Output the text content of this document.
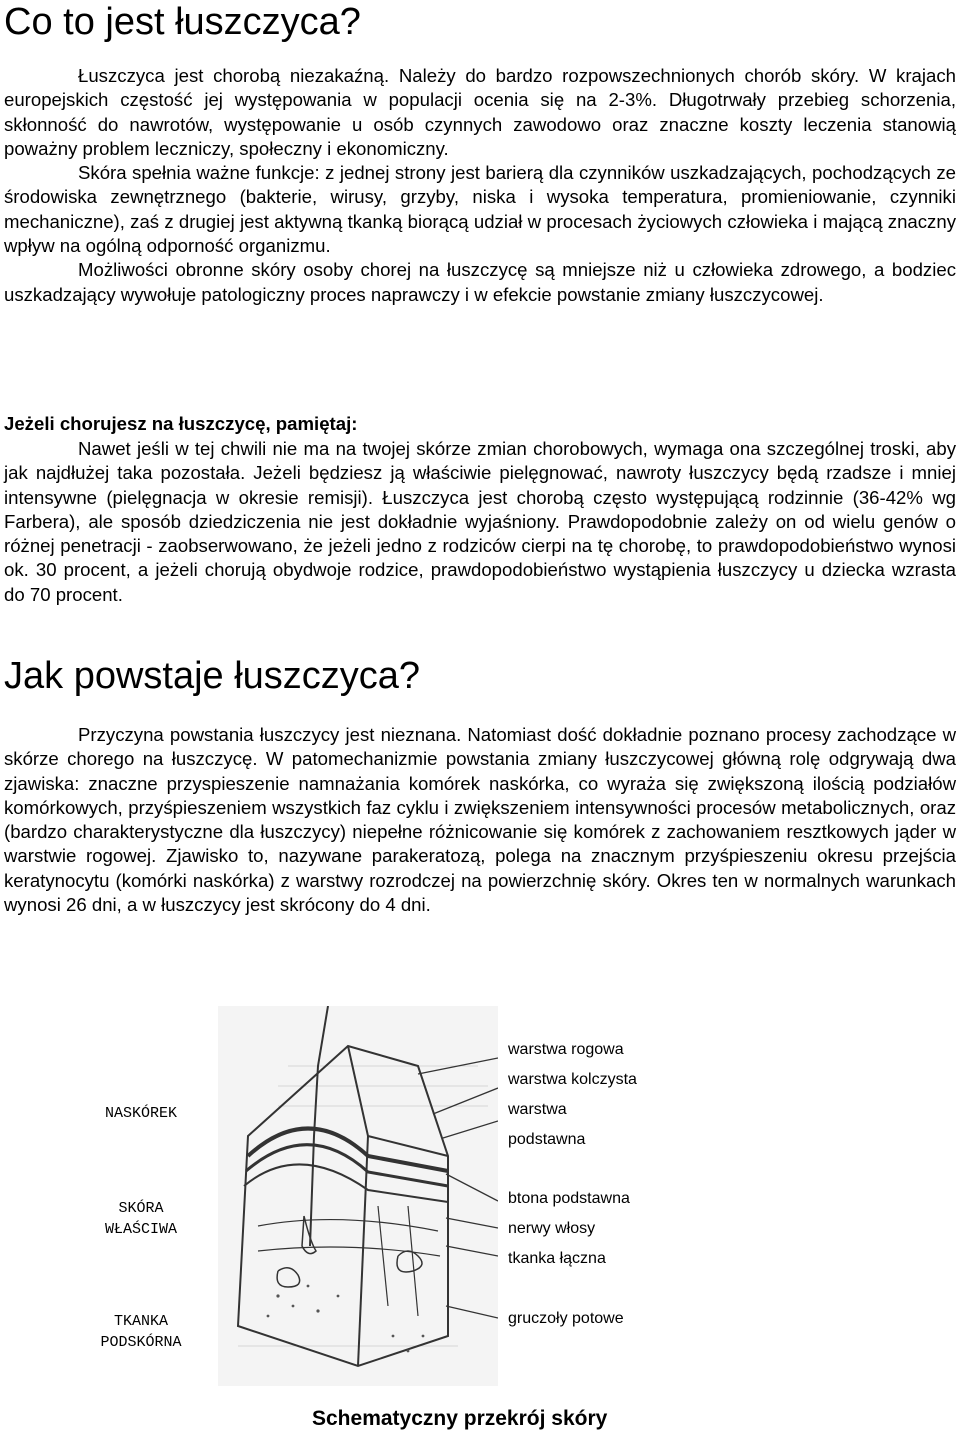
Co to jest łuszczyca?

Łuszczyca jest chorobą niezakaźną. Należy do bardzo rozpowszechnionych chorób skóry. W krajach europejskich częstość jej występowania w populacji ocenia się na 2-3%. Długotrwały przebieg schorzenia, skłonność do nawrotów, występowanie u osób czynnych zawodowo oraz znaczne koszty leczenia stanowią poważny problem leczniczy, społeczny i ekonomiczny.

Skóra spełnia ważne funkcje: z jednej strony jest barierą dla czynników uszkadzających, pochodzących ze środowiska zewnętrznego (bakterie, wirusy, grzyby, niska i wysoka temperatura, promieniowanie, czynniki mechaniczne), zaś z drugiej jest aktywną tkanką biorącą udział w procesach życiowych człowieka i mającą znaczny wpływ na ogólną odporność organizmu.

Możliwości obronne skóry osoby chorej na łuszczycę są mniejsze niż u człowieka zdrowego, a bodziec uszkadzający wywołuje patologiczny proces naprawczy i w efekcie powstanie zmiany łuszczycowej.

Jeżeli chorujesz na łuszczycę, pamiętaj:

Nawet jeśli w tej chwili nie ma na twojej skórze zmian chorobowych, wymaga ona szczególnej troski, aby jak najdłużej taka pozostała. Jeżeli będziesz ją właściwie pielęgnować, nawroty łuszczycy będą rzadsze i mniej intensywne (pielęgnacja w okresie remisji). Łuszczyca jest chorobą często występującą rodzinnie (36-42% wg Farbera), ale sposób dziedziczenia nie jest dokładnie wyjaśniony. Prawdopodobnie zależy on od wielu genów o różnej penetracji - zaobserwowano, że jeżeli jedno z rodziców cierpi na tę chorobę, to prawdopodobieństwo wynosi ok. 30 procent, a jeżeli chorują obydwoje rodzice, prawdopodobieństwo wystąpienia łuszczycy u dziecka wzrasta do 70 procent.

Jak powstaje łuszczyca?

Przyczyna powstania łuszczycy jest nieznana. Natomiast dość dokładnie poznano procesy zachodzące w skórze chorego na łuszczycę. W patomechanizmie powstania zmiany łuszczycowej główną rolę odgrywają dwa zjawiska: znaczne przyspieszenie namnażania komórek naskórka, co wyraża się zwiększoną ilością podziałów komórkowych, przyśpieszeniem wszystkich faz cyklu i zwiększeniem intensywności procesów metabolicznych, oraz (bardzo charakterystyczne dla łuszczycy) niepełne różnicowanie się komórek z zachowaniem resztkowych jąder w warstwie rogowej. Zjawisko to, nazywane parakeratozą, polega na znacznym przyśpieszeniu okresu przejścia keratynocytu (komórki naskórka) z warstwy rozrodczej na powierzchnię skóry. Okres ten w normalnych warunkach wynosi 26 dni, a w łuszczycy jest skrócony do 4 dni.

NASKÓREK
SKÓRA
WŁAŚCIWA
TKANKA
PODSKÓRNA
warstwa rogowa
warstwa kolczysta
warstwa
podstawna
btona podstawna
nerwy włosy
tkanka łączna
gruczoły potowe
Schematyczny przekrój skóry
